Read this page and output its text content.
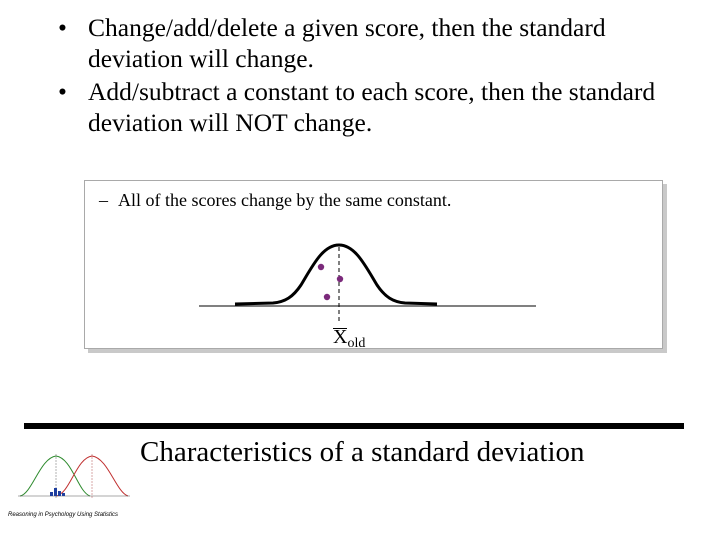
• Change/add/delete a given score, then the standard deviation will change.
• Add/subtract a constant to each score, then the standard deviation will NOT change.
– All of the scores change by the same constant.
$X_{old}$
Reasoning in Psychology Using Statistics
Characteristics of a standard deviation
